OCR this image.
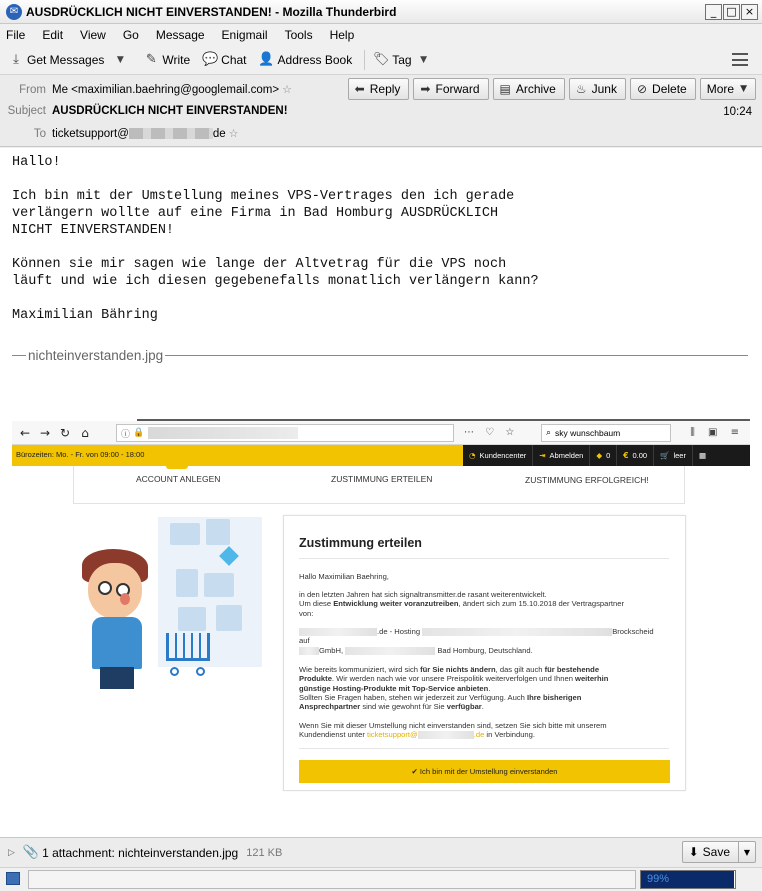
✉ AUSDRÜCKLICH NICHT EINVERSTANDEN! - Mozilla Thunderbird	_ □ ×
File Edit View Go Message Enigmail Tools Help
⤓ Get Messages	▼	✎ Write 💬 Chat 👤 Address Book 🏷 Tag ▼
From Me <maximilian.baehring@googlemail.com> ☆
Subject AUSDRÜCKLICH NICHT EINVERSTANDEN!
To ticketsupport@	de ☆
⬅ Reply ➡ Forward ▤ Archive ♨ Junk ⊘ Delete More ▼
10:24
Hallo!

Ich bin mit der Umstellung meines VPS-Vertrages den ich gerade
verlängern wollte auf eine Firma in Bad Homburg AUSDRÜCKLICH
NICHT EINVERSTANDEN!

Können sie mir sagen wie lange der Altvetrag für die VPS noch
läuft und wie ich diesen gegebenefalls monatlich verlängern kann?

Maximilian Bähring
nichteinverstanden.jpg
← → ↻ ⌂	ⓘ 🔒	⋯ ♡ ☆	⌕ sky wunschbaum	⫼ ▣ ≡
Bürozeiten: Mo. - Fr. von 09:00 - 18:00	◔ Kundencenter ⇥ Abmelden ◆ 0 € 0.00 🛒 leer	▦
ACCOUNT ANLEGEN	ZUSTIMMUNG ERTEILEN	ZUSTIMMUNG ERFOLGREICH!
Zustimmung erteilen
Hallo Maximilian Baehring,
in den letzten Jahren hat sich signaltransmitter.de rasant weiterentwickelt.
Um diese Entwicklung weiter voranzutreiben, ändert sich zum 15.10.2018 der Vertragspartner
von:
.de - Hosting	Brockscheid
auf
GmbH,	Bad Homburg, Deutschland.
Wie bereits kommuniziert, wird sich für Sie nichts ändern, das gilt auch für bestehende
Produkte. Wir werden nach wie vor unsere Preispolitik weiterverfolgen und Ihnen weiterhin
günstige Hosting-Produkte mit Top-Service anbieten.
Sollten Sie Fragen haben, stehen wir jederzeit zur Verfügung. Auch Ihre bisherigen
Ansprechpartner sind wie gewohnt für Sie verfügbar.
Wenn Sie mit dieser Umstellung nicht einverstanden sind, setzen Sie sich bitte mit unserem
Kundendienst unter ticketsupport@	.de in Verbindung.
✔ Ich bin mit der Umstellung einverstanden
▷ 📎 1 attachment: nichteinverstanden.jpg 121 KB	⬇ Save	▼
99%
